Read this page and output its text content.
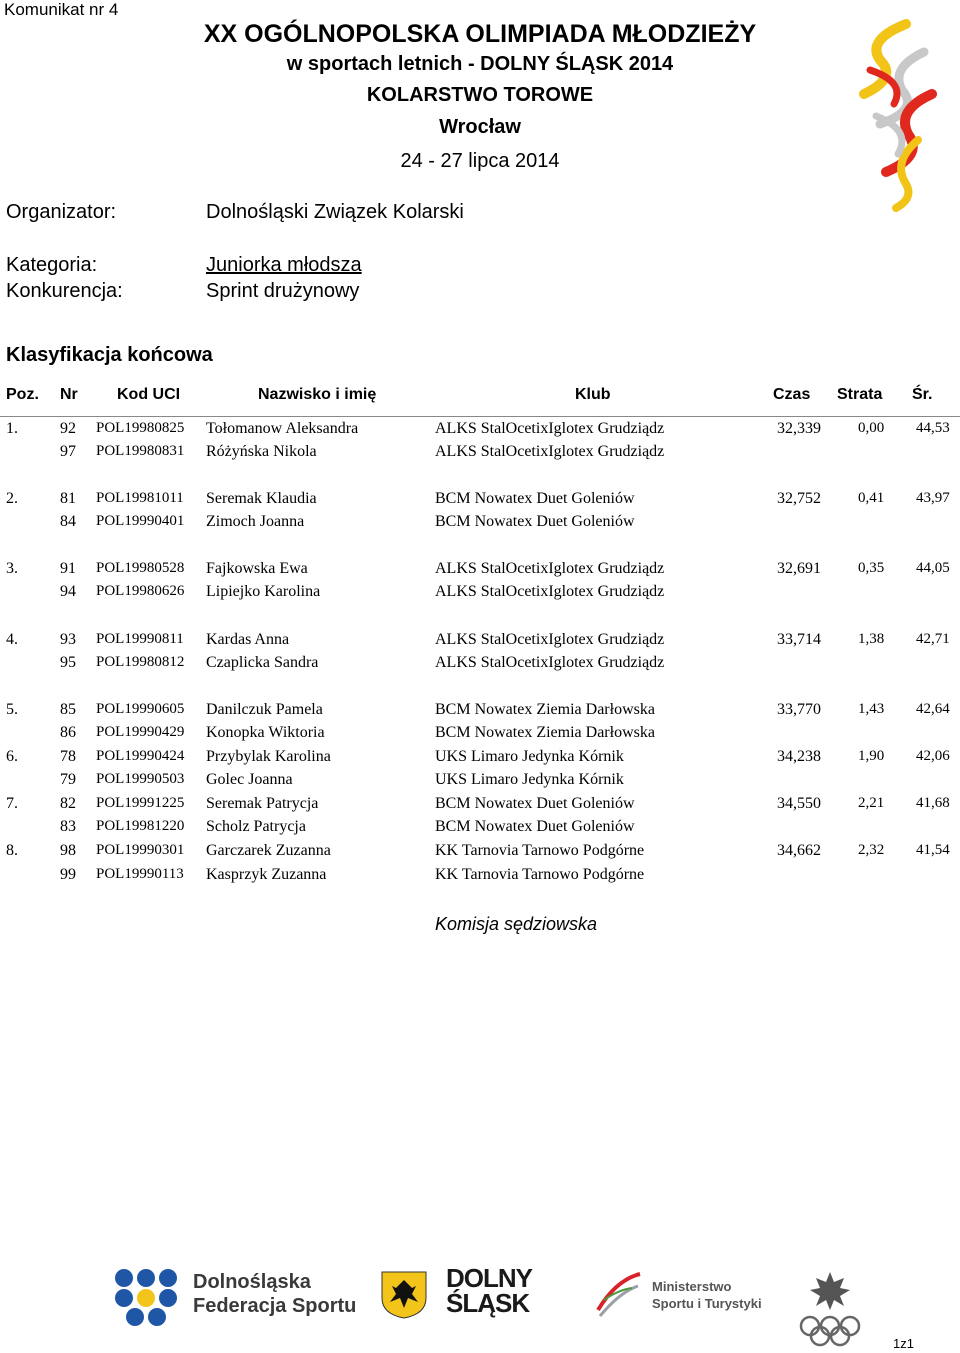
Komunikat nr 4
XX OGÓLNOPOLSKA OLIMPIADA MŁODZIEŻY
w sportach letnich - DOLNY ŚLĄSK 2014
KOLARSTWO TOROWE
Wrocław
24 - 27 lipca 2014
Organizator:	Dolnośląski Związek Kolarski
Kategoria:	Juniorka młodsza
Konkurencja:	Sprint drużynowy
Klasyfikacja końcowa
Poz. Nr Kod UCI	Nazwisko i imię	Klub	Czas Strata Śr.
1.	92 POL19980825 Tołomanow Aleksandra	ALKS StalOcetixIglotex Grudziądz	32,339 0,00 44,53
97 POL19980831 Różyńska Nikola	ALKS StalOcetixIglotex Grudziądz
2.	81 POL19981011 Seremak Klaudia	BCM Nowatex Duet Goleniów	32,752 0,41 43,97
84 POL19990401 Zimoch Joanna	BCM Nowatex Duet Goleniów
3.	91 POL19980528 Fajkowska Ewa	ALKS StalOcetixIglotex Grudziądz	32,691 0,35 44,05
94 POL19980626 Lipiejko Karolina	ALKS StalOcetixIglotex Grudziądz
4.	93 POL19990811 Kardas Anna	ALKS StalOcetixIglotex Grudziądz	33,714 1,38 42,71
95 POL19980812 Czaplicka Sandra	ALKS StalOcetixIglotex Grudziądz
5.	85 POL19990605 Danilczuk Pamela	BCM Nowatex Ziemia Darłowska	33,770 1,43 42,64
86 POL19990429 Konopka Wiktoria	BCM Nowatex Ziemia Darłowska
6.	78 POL19990424 Przybylak Karolina	UKS Limaro Jedynka Kórnik	34,238 1,90 42,06
79 POL19990503 Golec Joanna	UKS Limaro Jedynka Kórnik
7.	82 POL19991225 Seremak Patrycja	BCM Nowatex Duet Goleniów	34,550 2,21 41,68
83 POL19981220 Scholz Patrycja	BCM Nowatex Duet Goleniów
8.	98 POL19990301 Garczarek Zuzanna	KK Tarnovia Tarnowo Podgórne	34,662 2,32 41,54
99 POL19990113 Kasprzyk Zuzanna	KK Tarnovia Tarnowo Podgórne
Komisja sędziowska
Dolnośląska
Federacja Sportu
DOLNY
ŚLĄSK
Ministerstwo
Sportu i Turystyki
1z1
